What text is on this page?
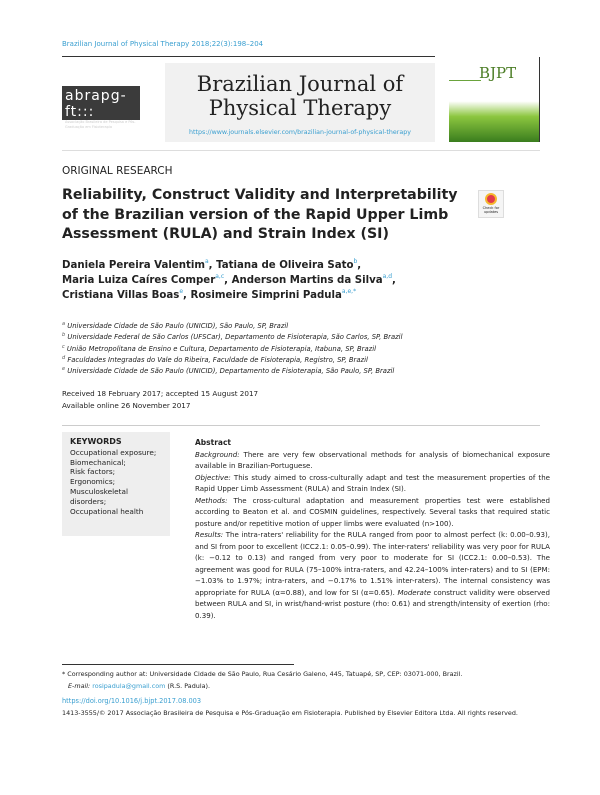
Brazilian Journal of Physical Therapy 2018;22(3):198–204
abrapg-ft:::
Associação Brasileira de Pesquisa e Pós-Graduação em Fisioterapia
Brazilian Journal of
Physical Therapy
https://www.journals.elsevier.com/brazilian-journal-of-physical-therapy
BJPT
ORIGINAL RESEARCH
Reliability, Construct Validity and Interpretability of the Brazilian version of the Rapid Upper Limb Assessment (RULA) and Strain Index (SI)
Check for updates
Daniela Pereira Valentim$^a$, Tatiana de Oliveira Sato$^b$,
Maria Luiza Caíres Comper$^{a,c}$, Anderson Martins da Silva$^{a,d}$,
Cristiana Villas Boas$^e$, Rosimeire Simprini Padula$^{a,e,*}$
$^a$ Universidade Cidade de São Paulo (UNICID), São Paulo, SP, Brazil
$^b$ Universidade Federal de São Carlos (UFSCar), Departamento de Fisioterapia, São Carlos, SP, Brazil
$^c$ União Metropolitana de Ensino e Cultura, Departamento de Fisioterapia, Itabuna, SP, Brazil
$^d$ Faculdades Integradas do Vale do Ribeira, Faculdade de Fisioterapia, Registro, SP, Brazil
$^e$ Universidade Cidade de São Paulo (UNICID), Departamento de Fisioterapia, São Paulo, SP, Brazil
Received 18 February 2017; accepted 15 August 2017
Available online 26 November 2017
KEYWORDS
Occupational exposure;
Biomechanical;
Risk factors;
Ergonomics;
Musculoskeletal disorders;
Occupational health
Abstract
Background: There are very few observational methods for analysis of biomechanical exposure available in Brazilian-Portuguese.
Objective: This study aimed to cross-culturally adapt and test the measurement properties of the Rapid Upper Limb Assessment (RULA) and Strain Index (SI).
Methods: The cross-cultural adaptation and measurement properties test were established according to Beaton et al. and COSMIN guidelines, respectively. Several tasks that required static posture and/or repetitive motion of upper limbs were evaluated (n>100).
Results: The intra-raters' reliability for the RULA ranged from poor to almost perfect (k: 0.00–0.93), and SI from poor to excellent (ICC2.1: 0.05–0.99). The inter-raters' reliability was very poor for RULA (k: −0.12 to 0.13) and ranged from very poor to moderate for SI (ICC2.1: 0.00–0.53). The agreement was good for RULA (75–100% intra-raters, and 42.24–100% inter-raters) and to SI (EPM: −1.03% to 1.97%; intra-raters, and −0.17% to 1.51% inter-raters). The internal consistency was appropriate for RULA (α=0.88), and low for SI (α=0.65). Moderate construct validity were observed between RULA and SI, in wrist/hand-wrist posture (rho: 0.61) and strength/intensity of exertion (rho: 0.39).
* Corresponding author at: Universidade Cidade de São Paulo, Rua Cesário Galeno, 445, Tatuapé, SP, CEP: 03071-000, Brazil.
E-mail: rosipadula@gmail.com (R.S. Padula).
https://doi.org/10.1016/j.bjpt.2017.08.003
1413-3555/© 2017 Associação Brasileira de Pesquisa e Pós-Graduação em Fisioterapia. Published by Elsevier Editora Ltda. All rights reserved.
